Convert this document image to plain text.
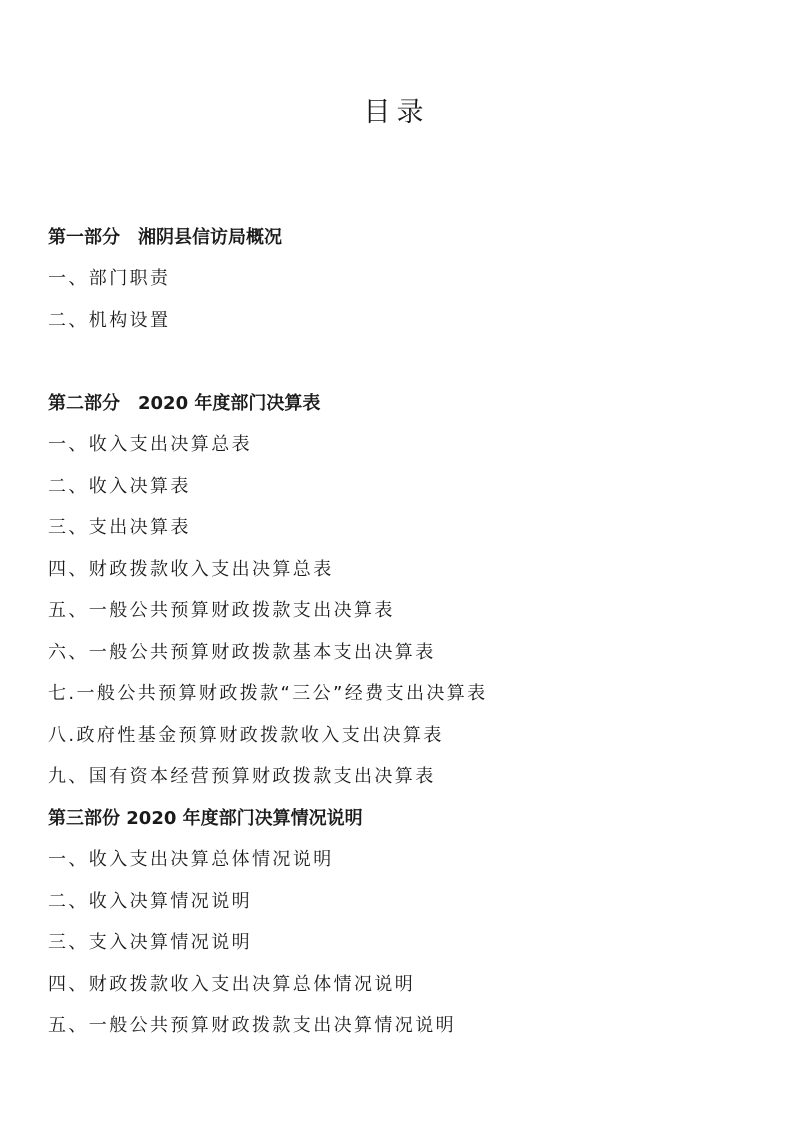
目录
第一部分　湘阴县信访局概况
一、部门职责
二、机构设置
第二部分　2020 年度部门决算表
一、收入支出决算总表
二、收入决算表
三、支出决算表
四、财政拨款收入支出决算总表
五、一般公共预算财政拨款支出决算表
六、一般公共预算财政拨款基本支出决算表
七.一般公共预算财政拨款“三公”经费支出决算表
八.政府性基金预算财政拨款收入支出决算表
九、国有资本经营预算财政拨款支出决算表
第三部份 2020 年度部门决算情况说明
一、收入支出决算总体情况说明
二、收入决算情况说明
三、支入决算情况说明
四、财政拨款收入支出决算总体情况说明
五、一般公共预算财政拨款支出决算情况说明
